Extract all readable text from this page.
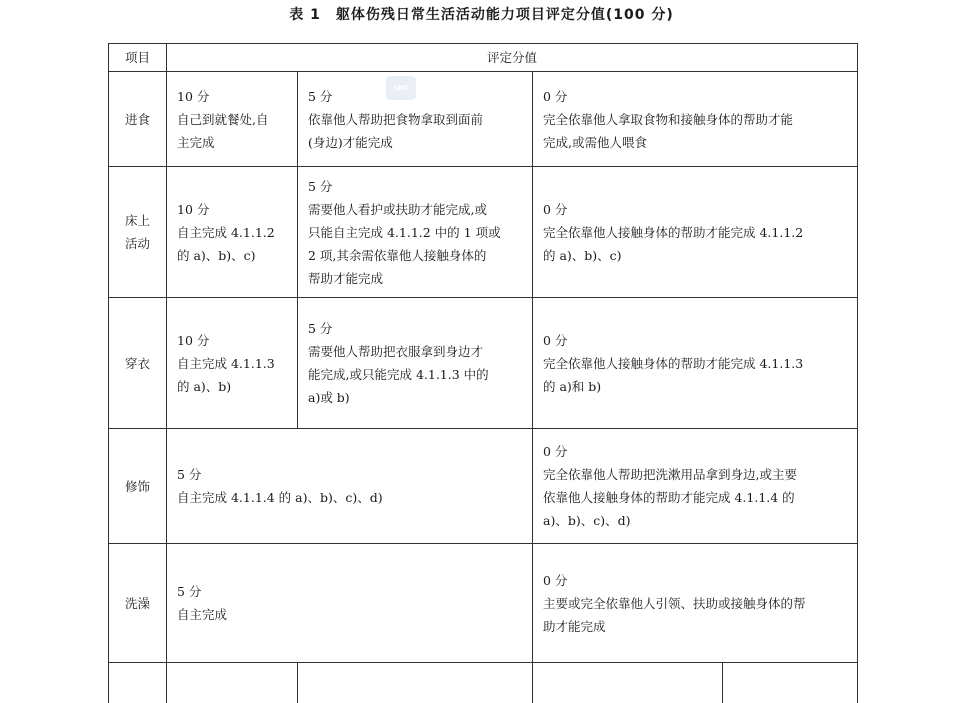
表 1　躯体伤残日常生活活动能力项目评定分值(100 分)
SNC
项目	评定分值			

进食	10 分
自己到就餐处,自
主完成	5 分
依靠他人帮助把食物拿取到面前
(身边)才能完成	0 分
完全依靠他人拿取食物和接触身体的帮助才能
完成,或需他人喂食	

床上
活动	10 分
自主完成 4.1.1.2
的 a)、b)、c)	5 分
需要他人看护或扶助才能完成,或
只能自主完成 4.1.1.2 中的 1 项或
2 项,其余需依靠他人接触身体的
帮助才能完成	0 分
完全依靠他人接触身体的帮助才能完成 4.1.1.2
的 a)、b)、c)	

穿衣	10 分
自主完成 4.1.1.3
的 a)、b)	5 分
需要他人帮助把衣服拿到身边才
能完成,或只能完成 4.1.1.3 中的
a)或 b)	0 分
完全依靠他人接触身体的帮助才能完成 4.1.1.3
的 a)和 b)	

修饰	5 分
自主完成 4.1.1.4 的 a)、b)、c)、d)		0 分
完全依靠他人帮助把洗漱用品拿到身边,或主要
依靠他人接触身体的帮助才能完成 4.1.1.4 的
a)、b)、c)、d)	

洗澡	5 分
自主完成		0 分
主要或完全依靠他人引领、扶助或接触身体的帮
助才能完成	
